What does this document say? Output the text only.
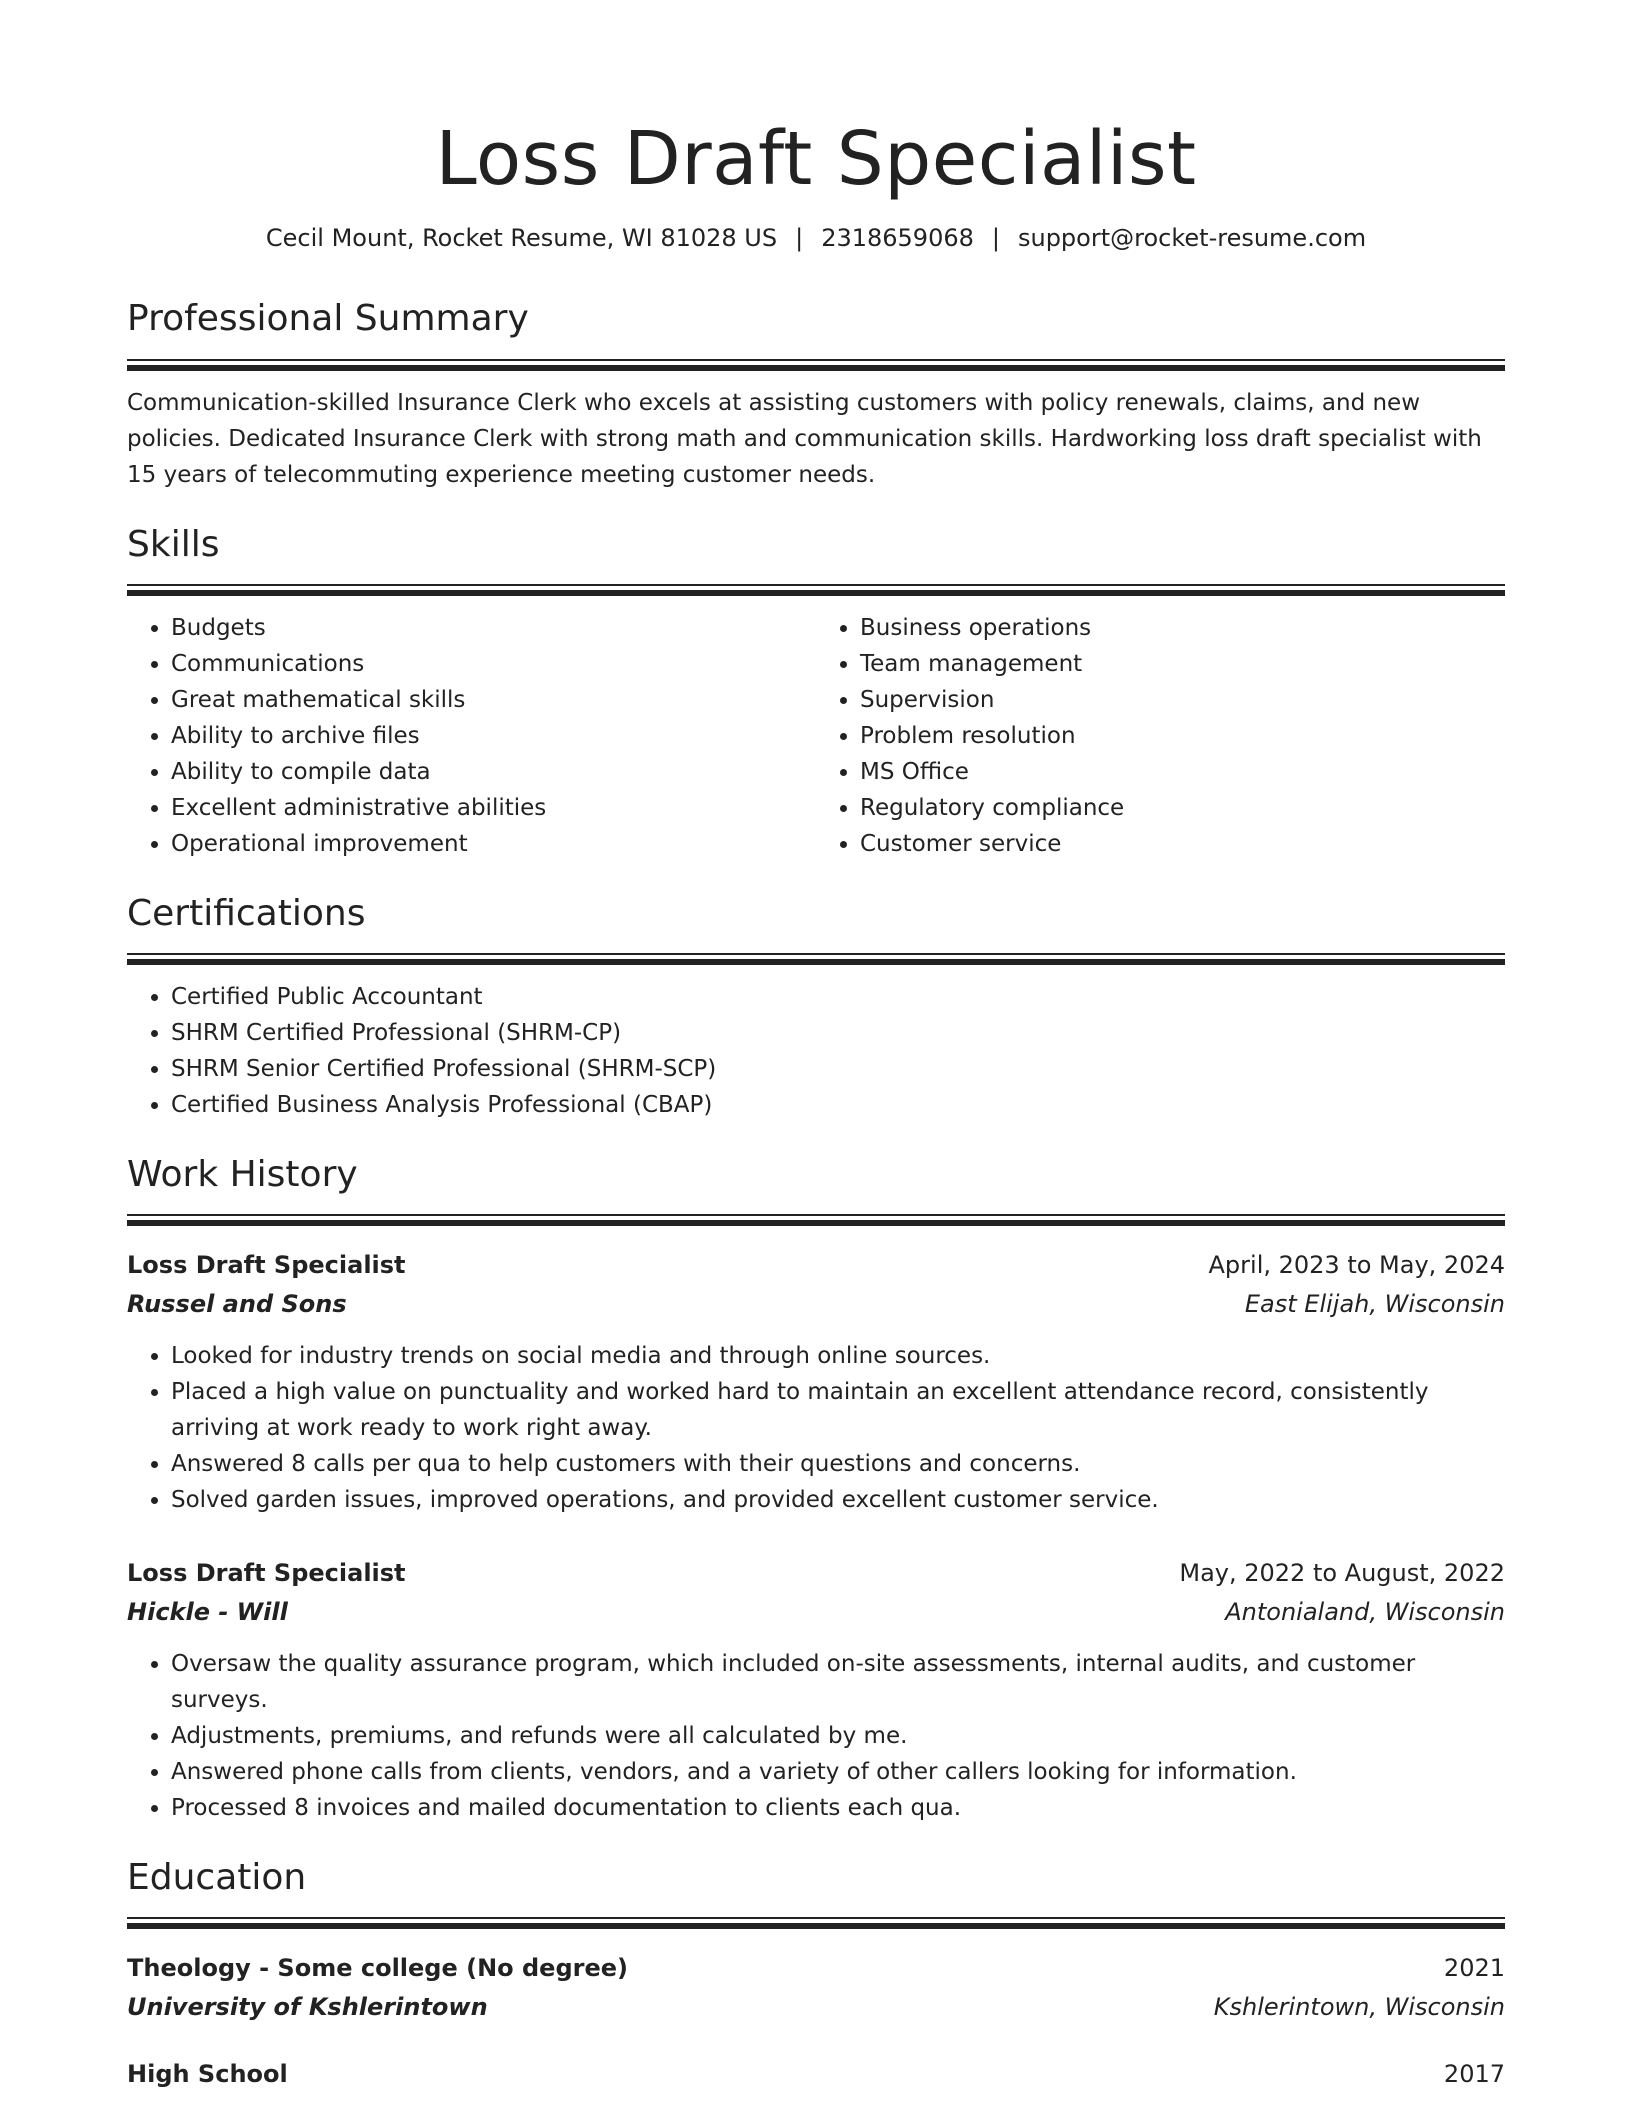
Loss Draft Specialist
Cecil Mount, Rocket Resume, WI 81028 US | 2318659068 | support@rocket-resume.com
Professional Summary
Communication-skilled Insurance Clerk who excels at assisting customers with policy renewals, claims, and new policies. Dedicated Insurance Clerk with strong math and communication skills. Hardworking loss draft specialist with 15 years of telecommuting experience meeting customer needs.
Skills
• Budgets
• Communications
• Great mathematical skills
• Ability to archive files
• Ability to compile data
• Excellent administrative abilities
• Operational improvement
• Business operations
• Team management
• Supervision
• Problem resolution
• MS Office
• Regulatory compliance
• Customer service
Certifications
• Certified Public Accountant
• SHRM Certified Professional (SHRM-CP)
• SHRM Senior Certified Professional (SHRM-SCP)
• Certified Business Analysis Professional (CBAP)
Work History
Loss Draft Specialist	April, 2023 to May, 2024
Russel and Sons	East Elijah, Wisconsin
• Looked for industry trends on social media and through online sources.
• Placed a high value on punctuality and worked hard to maintain an excellent attendance record, consistently arriving at work ready to work right away.
• Answered 8 calls per qua to help customers with their questions and concerns.
• Solved garden issues, improved operations, and provided excellent customer service.
Loss Draft Specialist	May, 2022 to August, 2022
Hickle - Will	Antonialand, Wisconsin
• Oversaw the quality assurance program, which included on-site assessments, internal audits, and customer surveys.
• Adjustments, premiums, and refunds were all calculated by me.
• Answered phone calls from clients, vendors, and a variety of other callers looking for information.
• Processed 8 invoices and mailed documentation to clients each qua.
Education
Theology - Some college (No degree)	2021
University of Kshlerintown	Kshlerintown, Wisconsin
High School	2017
